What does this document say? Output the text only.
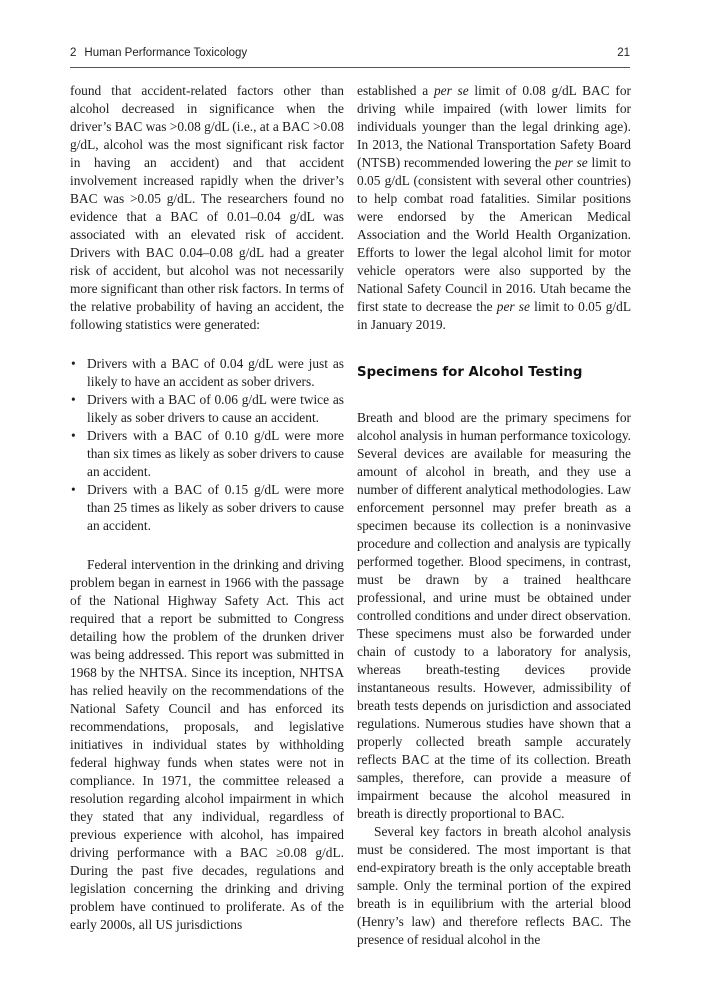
2 Human Performance Toxicology	21

found that accident-related factors other than alcohol decreased in significance when the driver’s BAC was >0.08 g/dL (i.e., at a BAC >0.08 g/dL, alcohol was the most significant risk factor in having an accident) and that accident involvement increased rapidly when the driver’s BAC was >0.05 g/dL. The researchers found no evidence that a BAC of 0.01–0.04 g/dL was associated with an elevated risk of accident. Drivers with BAC 0.04–0.08 g/dL had a greater risk of accident, but alcohol was not necessarily more significant than other risk factors. In terms of the relative probability of having an accident, the following statistics were generated:

• Drivers with a BAC of 0.04 g/dL were just as likely to have an accident as sober drivers.
• Drivers with a BAC of 0.06 g/dL were twice as likely as sober drivers to cause an accident.
• Drivers with a BAC of 0.10 g/dL were more than six times as likely as sober drivers to cause an accident.
• Drivers with a BAC of 0.15 g/dL were more than 25 times as likely as sober drivers to cause an accident.

Federal intervention in the drinking and driving problem began in earnest in 1966 with the passage of the National Highway Safety Act. This act required that a report be submitted to Congress detailing how the problem of the drunken driver was being addressed. This report was submitted in 1968 by the NHTSA. Since its inception, NHTSA has relied heavily on the recommendations of the National Safety Council and has enforced its recommendations, proposals, and legislative initiatives in individual states by withholding federal highway funds when states were not in compliance. In 1971, the committee released a resolution regarding alcohol impairment in which they stated that any individual, regardless of previous experience with alcohol, has impaired driving performance with a BAC ≥0.08 g/dL. During the past five decades, regulations and legislation concerning the drinking and driving problem have continued to proliferate. As of the early 2000s, all US jurisdictions

established a per se limit of 0.08 g/dL BAC for driving while impaired (with lower limits for individuals younger than the legal drinking age). In 2013, the National Transportation Safety Board (NTSB) recommended lowering the per se limit to 0.05 g/dL (consistent with several other countries) to help combat road fatalities. Similar positions were endorsed by the American Medical Association and the World Health Organization. Efforts to lower the legal alcohol limit for motor vehicle operators were also supported by the National Safety Council in 2016. Utah became the first state to decrease the per se limit to 0.05 g/dL in January 2019.

Specimens for Alcohol Testing

Breath and blood are the primary specimens for alcohol analysis in human performance toxicology. Several devices are available for measuring the amount of alcohol in breath, and they use a number of different analytical methodologies. Law enforcement personnel may prefer breath as a specimen because its collection is a noninvasive procedure and collection and analysis are typically performed together. Blood specimens, in contrast, must be drawn by a trained healthcare professional, and urine must be obtained under controlled conditions and under direct observation. These specimens must also be forwarded under chain of custody to a laboratory for analysis, whereas breath-testing devices provide instantaneous results. However, admissibility of breath tests depends on jurisdiction and associated regulations. Numerous studies have shown that a properly collected breath sample accurately reflects BAC at the time of its collection. Breath samples, therefore, can provide a measure of impairment because the alcohol measured in breath is directly proportional to BAC.

Several key factors in breath alcohol analysis must be considered. The most important is that end-expiratory breath is the only acceptable breath sample. Only the terminal portion of the expired breath is in equilibrium with the arterial blood (Henry’s law) and therefore reflects BAC. The presence of residual alcohol in the
